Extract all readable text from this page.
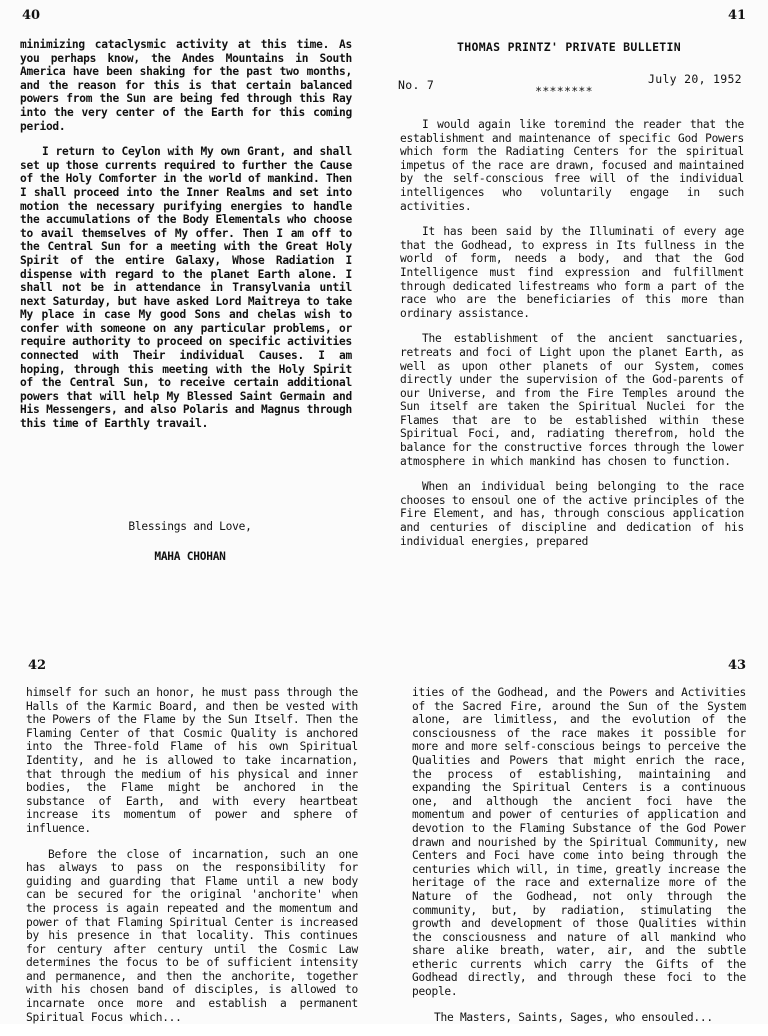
40

minimizing cataclysmic activity at this time. As you perhaps know, the Andes Mountains in South America have been shaking for the past two months, and the reason for this is that certain balanced powers from the Sun are being fed through this Ray into the very center of the Earth for this coming period.

I return to Ceylon with My own Grant, and shall set up those currents required to further the Cause of the Holy Comforter in the world of mankind. Then I shall proceed into the Inner Realms and set into motion the necessary purifying energies to handle the accumulations of the Body Elementals who choose to avail themselves of My offer. Then I am off to the Central Sun for a meeting with the Great Holy Spirit of the entire Galaxy, Whose Radiation I dispense with regard to the planet Earth alone. I shall not be in attendance in Transylvania until next Saturday, but have asked Lord Maitreya to take My place in case My good Sons and chelas wish to confer with someone on any particular problems, or require authority to proceed on specific activities connected with Their individual Causes. I am hoping, through this meeting with the Holy Spirit of the Central Sun, to receive certain additional powers that will help My Blessed Saint Germain and His Messengers, and also Polaris and Magnus through this time of Earthly travail.

Blessings and Love,
MAHA CHOHAN
41
THOMAS PRINTZ' PRIVATE BULLETIN
No. 7	July 20, 1952
********

I would again like toremind the reader that the establishment and maintenance of specific God Powers which form the Radiating Centers for the spiritual impetus of the race are drawn, focused and maintained by the self-conscious free will of the individual intelligences who voluntarily engage in such activities.

It has been said by the Illuminati of every age that the Godhead, to express in Its fullness in the world of form, needs a body, and that the God Intelligence must find expression and fulfillment through dedicated lifestreams who form a part of the race who are the beneficiaries of this more than ordinary assistance.

The establishment of the ancient sanctuaries, retreats and foci of Light upon the planet Earth, as well as upon other planets of our System, comes directly under the supervision of the God-parents of our Universe, and from the Fire Temples around the Sun itself are taken the Spiritual Nuclei for the Flames that are to be established within these Spiritual Foci, and, radiating therefrom, hold the balance for the constructive forces through the lower atmosphere in which mankind has chosen to function.

When an individual being belonging to the race chooses to ensoul one of the active principles of the Fire Element, and has, through conscious application and centuries of discipline and dedication of his individual energies, prepared

42

himself for such an honor, he must pass through the Halls of the Karmic Board, and then be vested with the Powers of the Flame by the Sun Itself. Then the Flaming Center of that Cosmic Quality is anchored into the Three-fold Flame of his own Spiritual Identity, and he is allowed to take incarnation, that through the medium of his physical and inner bodies, the Flame might be anchored in the substance of Earth, and with every heartbeat increase its momentum of power and sphere of influence.

Before the close of incarnation, such an one has always to pass on the responsibility for guiding and guarding that Flame until a new body can be secured for the original 'anchorite' when the process is again repeated and the momentum and power of that Flaming Spiritual Center is increased by his presence in that locality. This continues for century after century until the Cosmic Law determines the focus to be of sufficient intensity and permanence, and then the anchorite, together with his chosen band of disciples, is allowed to incarnate once more and establish a permanent Spiritual Focus which...

43

ities of the Godhead, and the Powers and Activities of the Sacred Fire, around the Sun of the System alone, are limitless, and the evolution of the consciousness of the race makes it possible for more and more self-conscious beings to perceive the Qualities and Powers that might enrich the race, the process of establishing, maintaining and expanding the Spiritual Centers is a continuous one, and although the ancient foci have the momentum and power of centuries of application and devotion to the Flaming Substance of the God Power drawn and nourished by the Spiritual Community, new Centers and Foci have come into being through the centuries which will, in time, greatly increase the heritage of the race and externalize more of the Nature of the Godhead, not only through the community, but, by radiation, stimulating the growth and development of those Qualities within the consciousness and nature of all mankind who share alike breath, water, air, and the subtle etheric currents which carry the Gifts of the Godhead directly, and through these foci to the people.

The Masters, Saints, Sages, who ensouled...
